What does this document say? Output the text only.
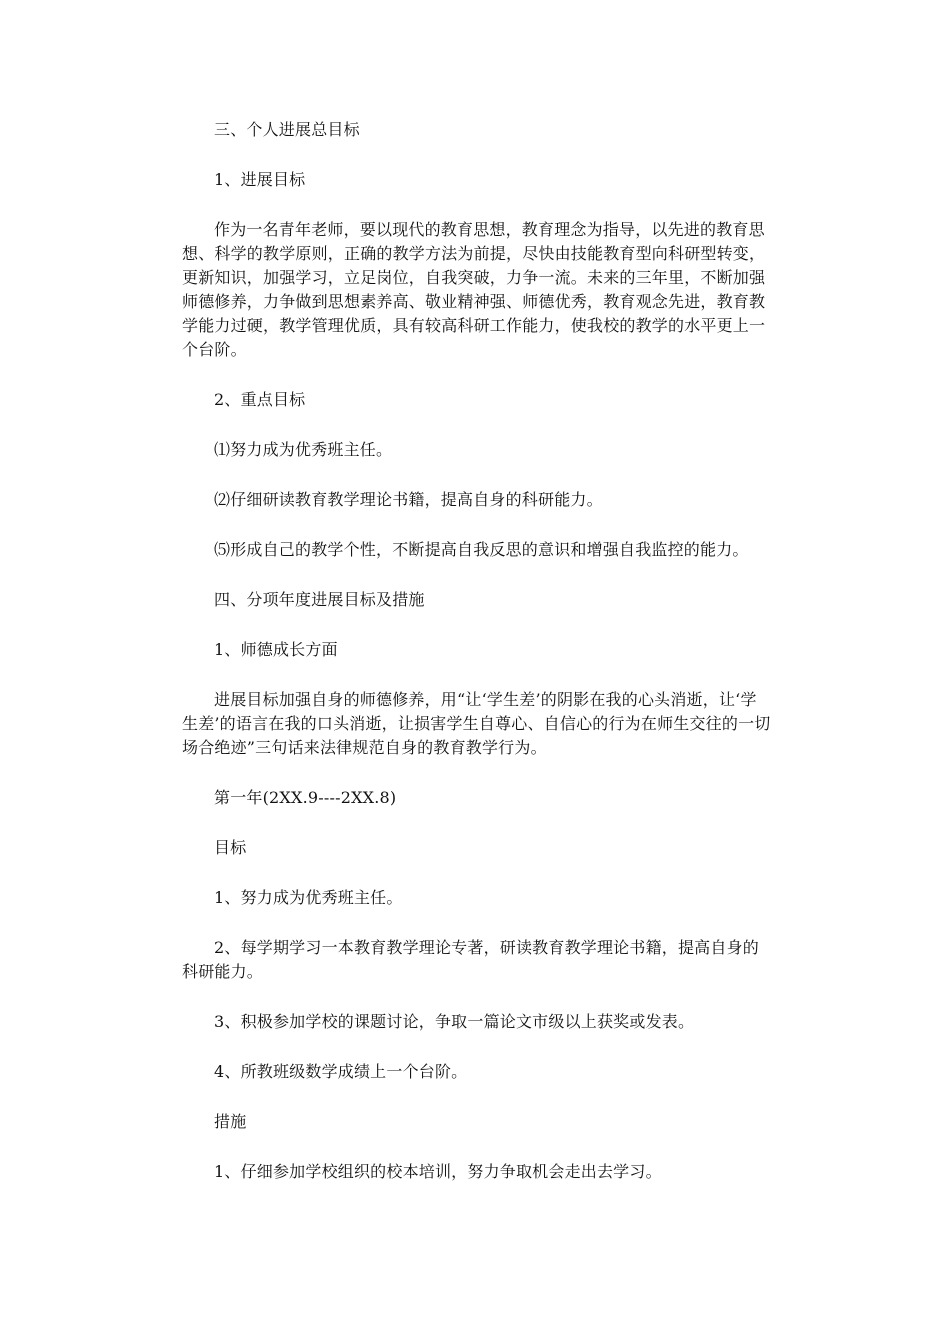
三、个人进展总目标

1、进展目标

作为一名青年老师，要以现代的教育思想，教育理念为指导，以先进的教育思想、科学的教学原则，正确的教学方法为前提，尽快由技能教育型向科研型转变，更新知识，加强学习，立足岗位，自我突破，力争一流。未来的三年里，不断加强师德修养，力争做到思想素养高、敬业精神强、师德优秀，教育观念先进，教育教学能力过硬，教学管理优质，具有较高科研工作能力，使我校的教学的水平更上一个台阶。

2、重点目标

⑴努力成为优秀班主任。

⑵仔细研读教育教学理论书籍，提高自身的科研能力。

⑸形成自己的教学个性，不断提高自我反思的意识和增强自我监控的能力。

四、分项年度进展目标及措施

1、师德成长方面

进展目标加强自身的师德修养，用“让‘学生差’的阴影在我的心头消逝，让‘学生差’的语言在我的口头消逝，让损害学生自尊心、自信心的行为在师生交往的一切场合绝迹”三句话来法律规范自身的教育教学行为。

第一年(2XX.9----2XX.8)

目标

1、努力成为优秀班主任。

2、每学期学习一本教育教学理论专著，研读教育教学理论书籍，提高自身的科研能力。

3、积极参加学校的课题讨论，争取一篇论文市级以上获奖或发表。

4、所教班级数学成绩上一个台阶。

措施

1、仔细参加学校组织的校本培训，努力争取机会走出去学习。
